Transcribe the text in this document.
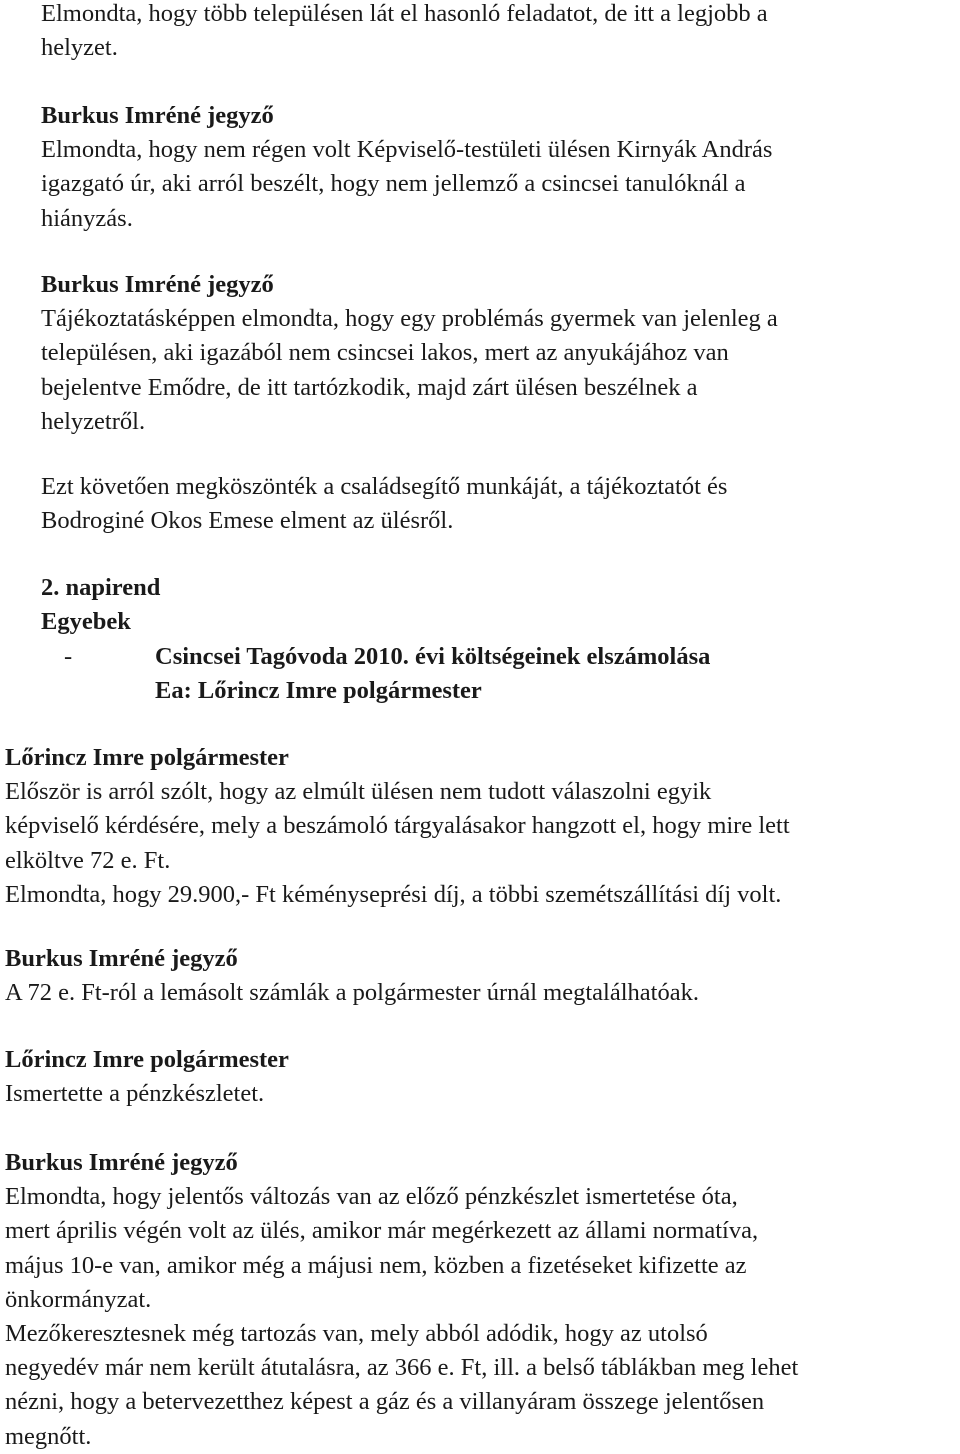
Elmondta, hogy több településen lát el hasonló feladatot, de itt a legjobb a

helyzet.

Burkus Imréné jegyző

Elmondta, hogy nem régen volt Képviselő-testületi ülésen Kirnyák András

igazgató úr, aki arról beszélt, hogy nem jellemző a csincsei tanulóknál a

hiányzás.

Burkus Imréné jegyző

Tájékoztatásképpen elmondta, hogy egy problémás gyermek van jelenleg a

településen, aki igazából nem csincsei lakos, mert az anyukájához van

bejelentve Emődre, de itt tartózkodik, majd zárt ülésen beszélnek a

helyzetről.

Ezt követően megköszönték a családsegítő munkáját, a tájékoztatót és

Bodroginé Okos Emese elment az ülésről.

2. napirend

Egyebek

-	Csincsei Tagóvoda 2010. évi költségeinek elszámolása
Ea: Lőrincz Imre polgármester

Lőrincz Imre polgármester

Először is arról szólt, hogy az elmúlt ülésen nem tudott válaszolni egyik

képviselő kérdésére, mely a beszámoló tárgyalásakor hangzott el, hogy mire lett

elköltve 72 e. Ft.

Elmondta, hogy 29.900,- Ft kéményseprési díj, a többi szemétszállítási díj volt.

Burkus Imréné jegyző

A 72 e. Ft-ról a lemásolt számlák a polgármester úrnál megtalálhatóak.

Lőrincz Imre polgármester

Ismertette a pénzkészletet.

Burkus Imréné jegyző

Elmondta, hogy jelentős változás van az előző pénzkészlet ismertetése óta,

mert április végén volt az ülés, amikor már megérkezett az állami normatíva,

május 10-e van, amikor még a májusi nem, közben a fizetéseket kifizette az

önkormányzat.

Mezőkeresztesnek még tartozás van, mely abból adódik, hogy az utolsó

negyedév már nem került átutalásra, az 366 e. Ft, ill. a belső táblákban meg lehet

nézni, hogy a betervezetthez képest a gáz és a villanyáram összege jelentősen

megnőtt.
